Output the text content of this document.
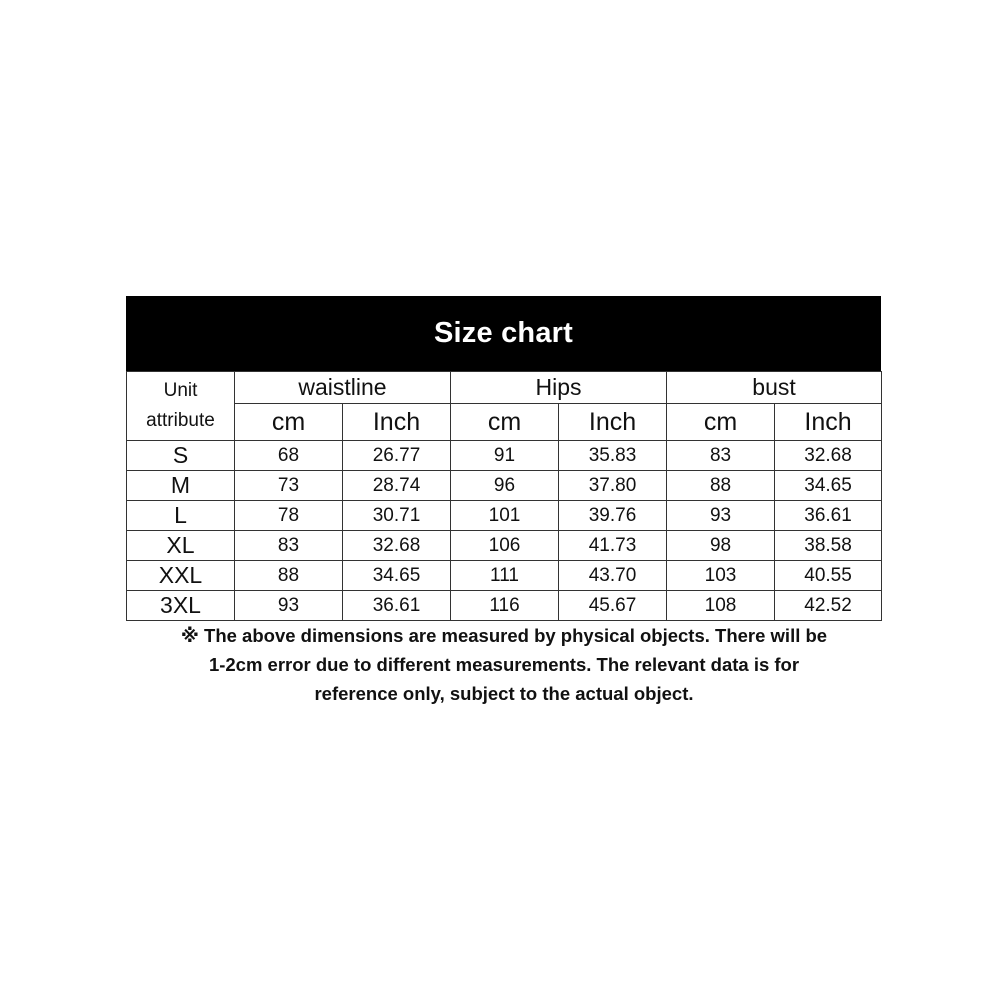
Size chart
Unit
attribute	waistline		Hips		bust	
	cm	Inch	cm	Inch	cm	Inch
S	68	26.77	91	35.83	83	32.68
M	73	28.74	96	37.80	88	34.65
L	78	30.71	101	39.76	93	36.61
XL	83	32.68	106	41.73	98	38.58
XXL	88	34.65	111	43.70	103	40.55
3XL	93	36.61	116	45.67	108	42.52
※ The above dimensions are measured by physical objects. There will be
1-2cm error due to different measurements. The relevant data is for
reference only, subject to the actual object.
